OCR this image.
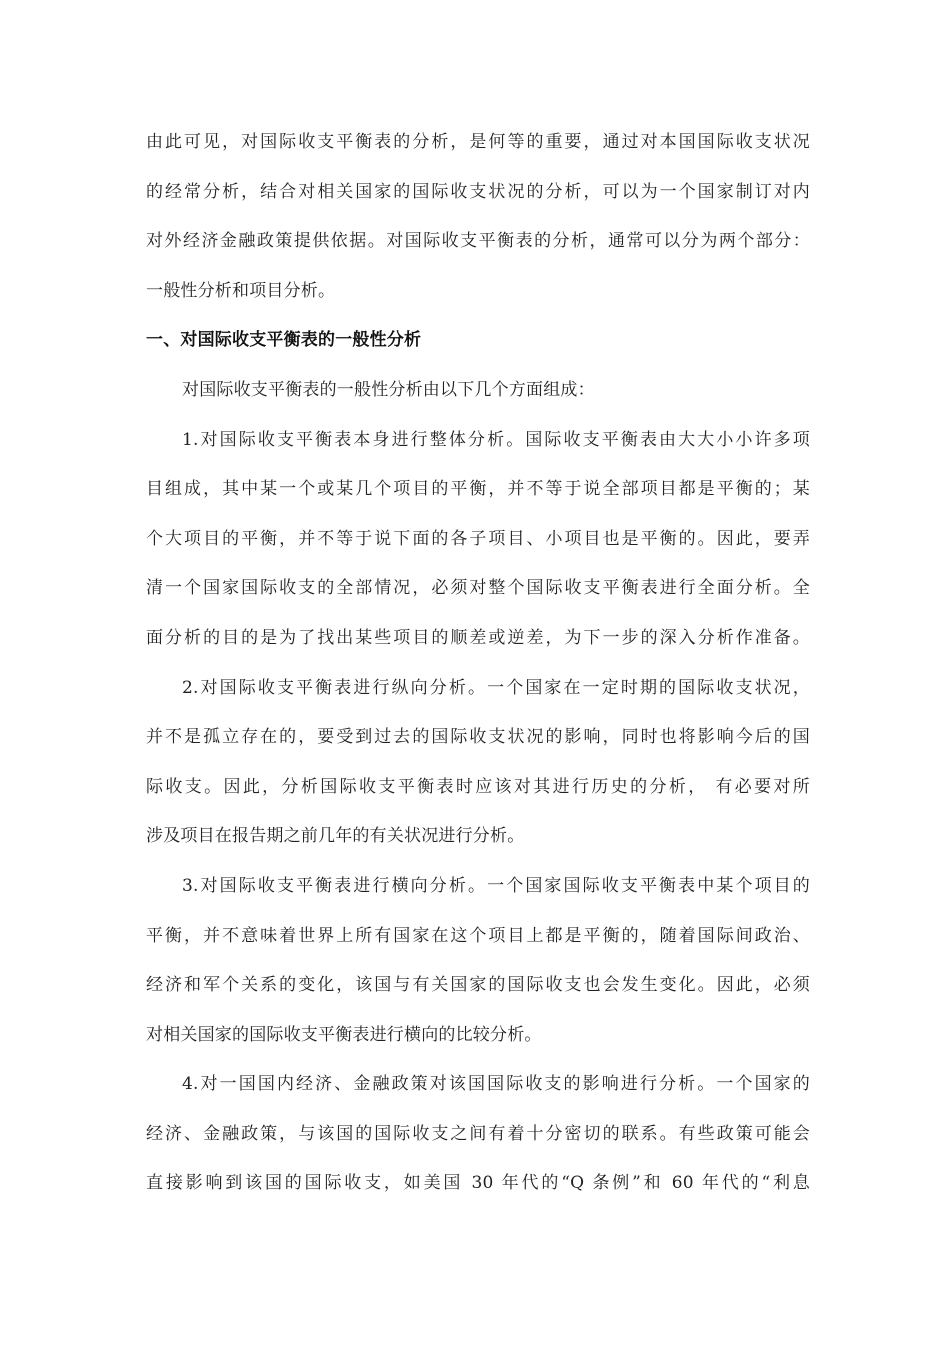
由此可见，对国际收支平衡表的分析，是何等的重要，通过对本国国际收支状况
的经常分析，结合对相关国家的国际收支状况的分析，可以为一个国家制订对内
对外经济金融政策提供依据。对国际收支平衡表的分析，通常可以分为两个部分：
一般性分析和项目分析。
一、对国际收支平衡表的一般性分析
对国际收支平衡表的一般性分析由以下几个方面组成：
1.对国际收支平衡表本身进行整体分析。国际收支平衡表由大大小小许多项
目组成，其中某一个或某几个项目的平衡，并不等于说全部项目都是平衡的；某
个大项目的平衡，并不等于说下面的各子项目、小项目也是平衡的。因此，要弄
清一个国家国际收支的全部情况，必须对整个国际收支平衡表进行全面分析。全
面分析的目的是为了找出某些项目的顺差或逆差，为下一步的深入分析作准备。
2.对国际收支平衡表进行纵向分析。一个国家在一定时期的国际收支状况，
并不是孤立存在的，要受到过去的国际收支状况的影响，同时也将影响今后的国
际收支。因此，分析国际收支平衡表时应该对其进行历史的分析， 有必要对所
涉及项目在报告期之前几年的有关状况进行分析。
3.对国际收支平衡表进行横向分析。一个国家国际收支平衡表中某个项目的
平衡，并不意味着世界上所有国家在这个项目上都是平衡的，随着国际间政治、
经济和军个关系的变化，该国与有关国家的国际收支也会发生变化。因此，必须
对相关国家的国际收支平衡表进行横向的比较分析。
4.对一国国内经济、金融政策对该国国际收支的影响进行分析。一个国家的
经济、金融政策，与该国的国际收支之间有着十分密切的联系。有些政策可能会
直接影响到该国的国际收支，如美国 30 年代的“Q 条例”和 60 年代的“利息
